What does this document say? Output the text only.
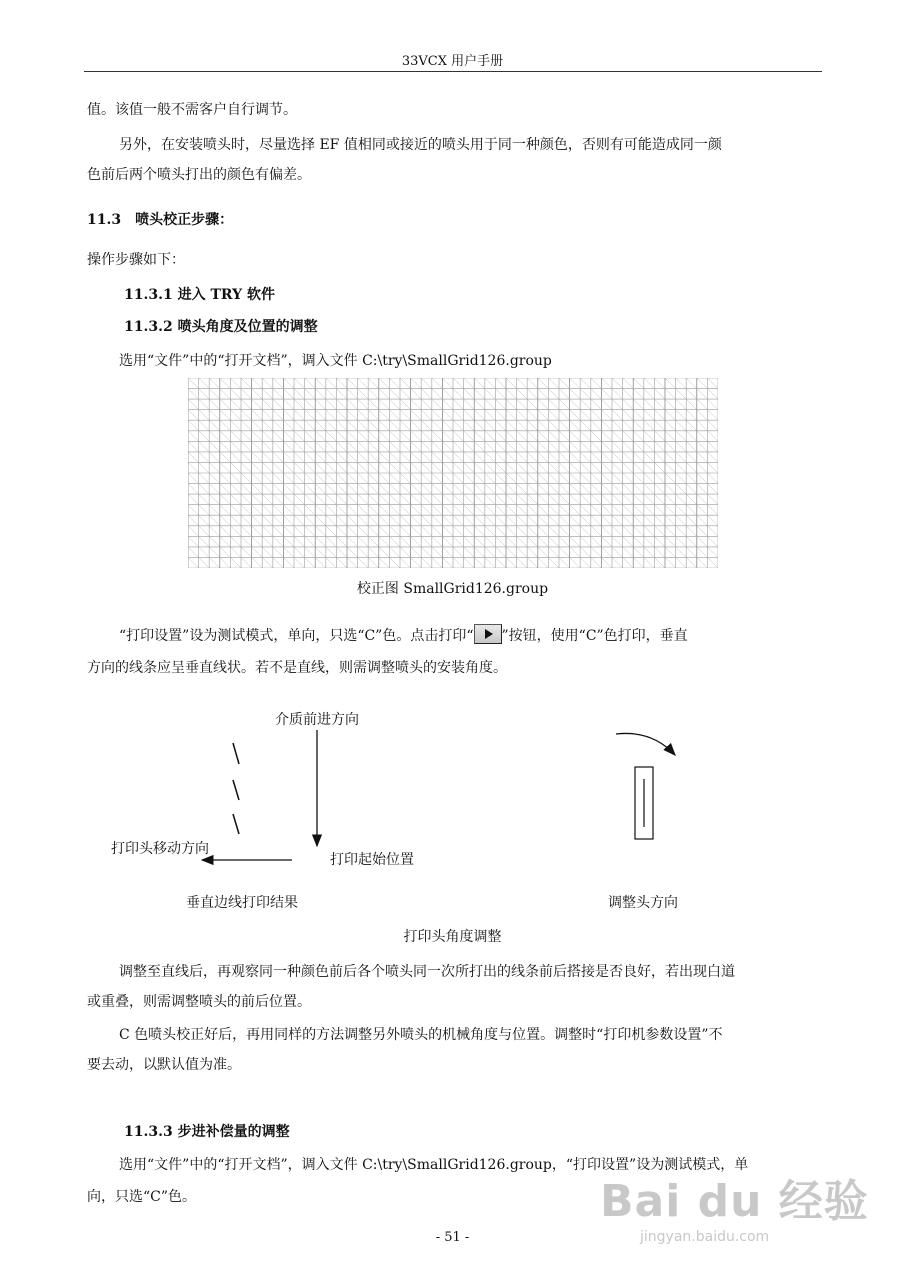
33VCX 用户手册
值。该值一般不需客户自行调节。
另外，在安装喷头时，尽量选择 EF 值相同或接近的喷头用于同一种颜色，否则有可能造成同一颜
色前后两个喷头打出的颜色有偏差。
11.3　喷头校正步骤：
操作步骤如下：
11.3.1 进入 TRY 软件
11.3.2 喷头角度及位置的调整
选用“文件”中的“打开文档”，调入文件 C:\try\SmallGrid126.group
校正图 SmallGrid126.group
“打印设置”设为测试模式，单向，只选“C”色。点击打印“ ”按钮，使用“C”色打印，垂直
方向的线条应呈垂直线状。若不是直线，则需调整喷头的安装角度。
介质前进方向
打印头移动方向
打印起始位置
垂直边线打印结果	调整头方向
打印头角度调整
调整至直线后，再观察同一种颜色前后各个喷头同一次所打出的线条前后搭接是否良好，若出现白道
或重叠，则需调整喷头的前后位置。
C 色喷头校正好后，再用同样的方法调整另外喷头的机械角度与位置。调整时“打印机参数设置”不
要去动，以默认值为准。
11.3.3 步进补偿量的调整
选用“文件”中的“打开文档”，调入文件 C:\try\SmallGrid126.group，“打印设置”设为测试模式，单
向，只选“C”色。	Bai du 经验
jingyan.baidu.com
- 51 -
